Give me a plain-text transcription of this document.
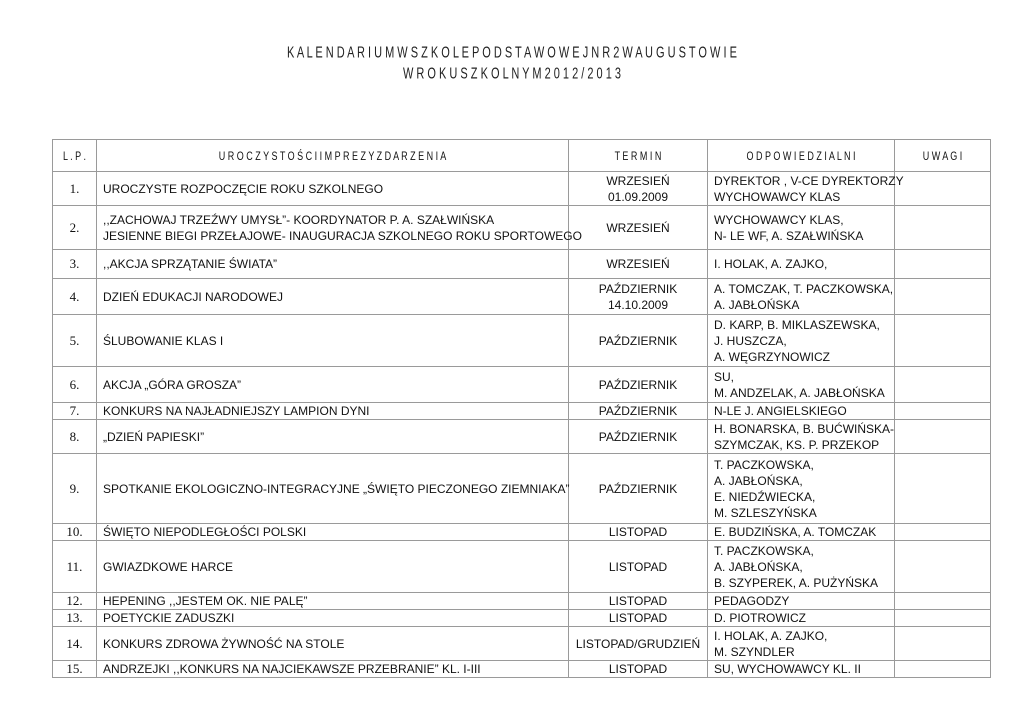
K A L E N D A R I U M W S Z K O L E P O D S T A W O W E J N R 2 W A U G U S T O W I E
W R O K U S Z K O L N Y M 2 0 1 2 / 2 0 1 3
L . P .	U R O C Z Y S T O Ś C I I M P R E Z Y Z D A R Z E N I A	T E R M I N	O D P O W I E D Z I A L N I	U W A G I
1.	UROCZYSTE ROZPOCZĘCIE ROKU SZKOLNEGO	WRZESIEŃ 01.09.2009	DYREKTOR , V-CE DYREKTORZY
WYCHOWAWCY KLAS	

2.	,,ZACHOWAJ TRZEŹWY UMYSŁ”- KOORDYNATOR P. A. SZAŁWIŃSKA
JESIENNE BIEGI PRZEŁAJOWE- INAUGURACJA SZKOLNEGO ROKU SPORTOWEGO	WRZESIEŃ	WYCHOWAWCY KLAS,
N- LE WF, A. SZAŁWIŃSKA	

3.	,,AKCJA SPRZĄTANIE ŚWIATA”	WRZESIEŃ	I. HOLAK, A. ZAJKO,	

4.	DZIEŃ EDUKACJI NARODOWEJ	PAŹDZIERNIK
14.10.2009	A. TOMCZAK, T. PACZKOWSKA,
A. JABŁOŃSKA	

5.	ŚLUBOWANIE KLAS I	PAŹDZIERNIK	D. KARP, B. MIKLASZEWSKA,
J. HUSZCZA,
A. WĘGRZYNOWICZ	

6.	AKCJA „GÓRA GROSZA”	PAŹDZIERNIK	SU,
M. ANDZELAK, A. JABŁOŃSKA	

7.	KONKURS NA NAJŁADNIEJSZY LAMPION DYNI	PAŹDZIERNIK	N-LE J. ANGIELSKIEGO	

8.	„DZIEŃ PAPIESKI”	PAŹDZIERNIK	H. BONARSKA, B. BUĆWIŃSKA-
SZYMCZAK, KS. P. PRZEKOP	

9.	SPOTKANIE EKOLOGICZNO-INTEGRACYJNE „ŚWIĘTO PIECZONEGO ZIEMNIAKA”	PAŹDZIERNIK	T. PACZKOWSKA,
A. JABŁOŃSKA,
E. NIEDŹWIECKA,
M. SZLESZYŃSKA	

10.	ŚWIĘTO NIEPODLEGŁOŚCI POLSKI	LISTOPAD	E. BUDZIŃSKA, A. TOMCZAK	

11.	GWIAZDKOWE HARCE	LISTOPAD	T. PACZKOWSKA,
A. JABŁOŃSKA,
B. SZYPEREK, A. PUŻYŃSKA	

12.	HEPENING ,,JESTEM OK. NIE PALĘ”	LISTOPAD	PEDAGODZY	

13.	POETYCKIE ZADUSZKI	LISTOPAD	D. PIOTROWICZ	

14.	KONKURS ZDROWA ŻYWNOŚĆ NA STOLE	LISTOPAD/GRUDZIEŃ	I. HOLAK, A. ZAJKO,
M. SZYNDLER	

15.	ANDRZEJKI ,,KONKURS NA NAJCIEKAWSZE PRZEBRANIE” KL. I-III	LISTOPAD	SU, WYCHOWAWCY KL. II	
